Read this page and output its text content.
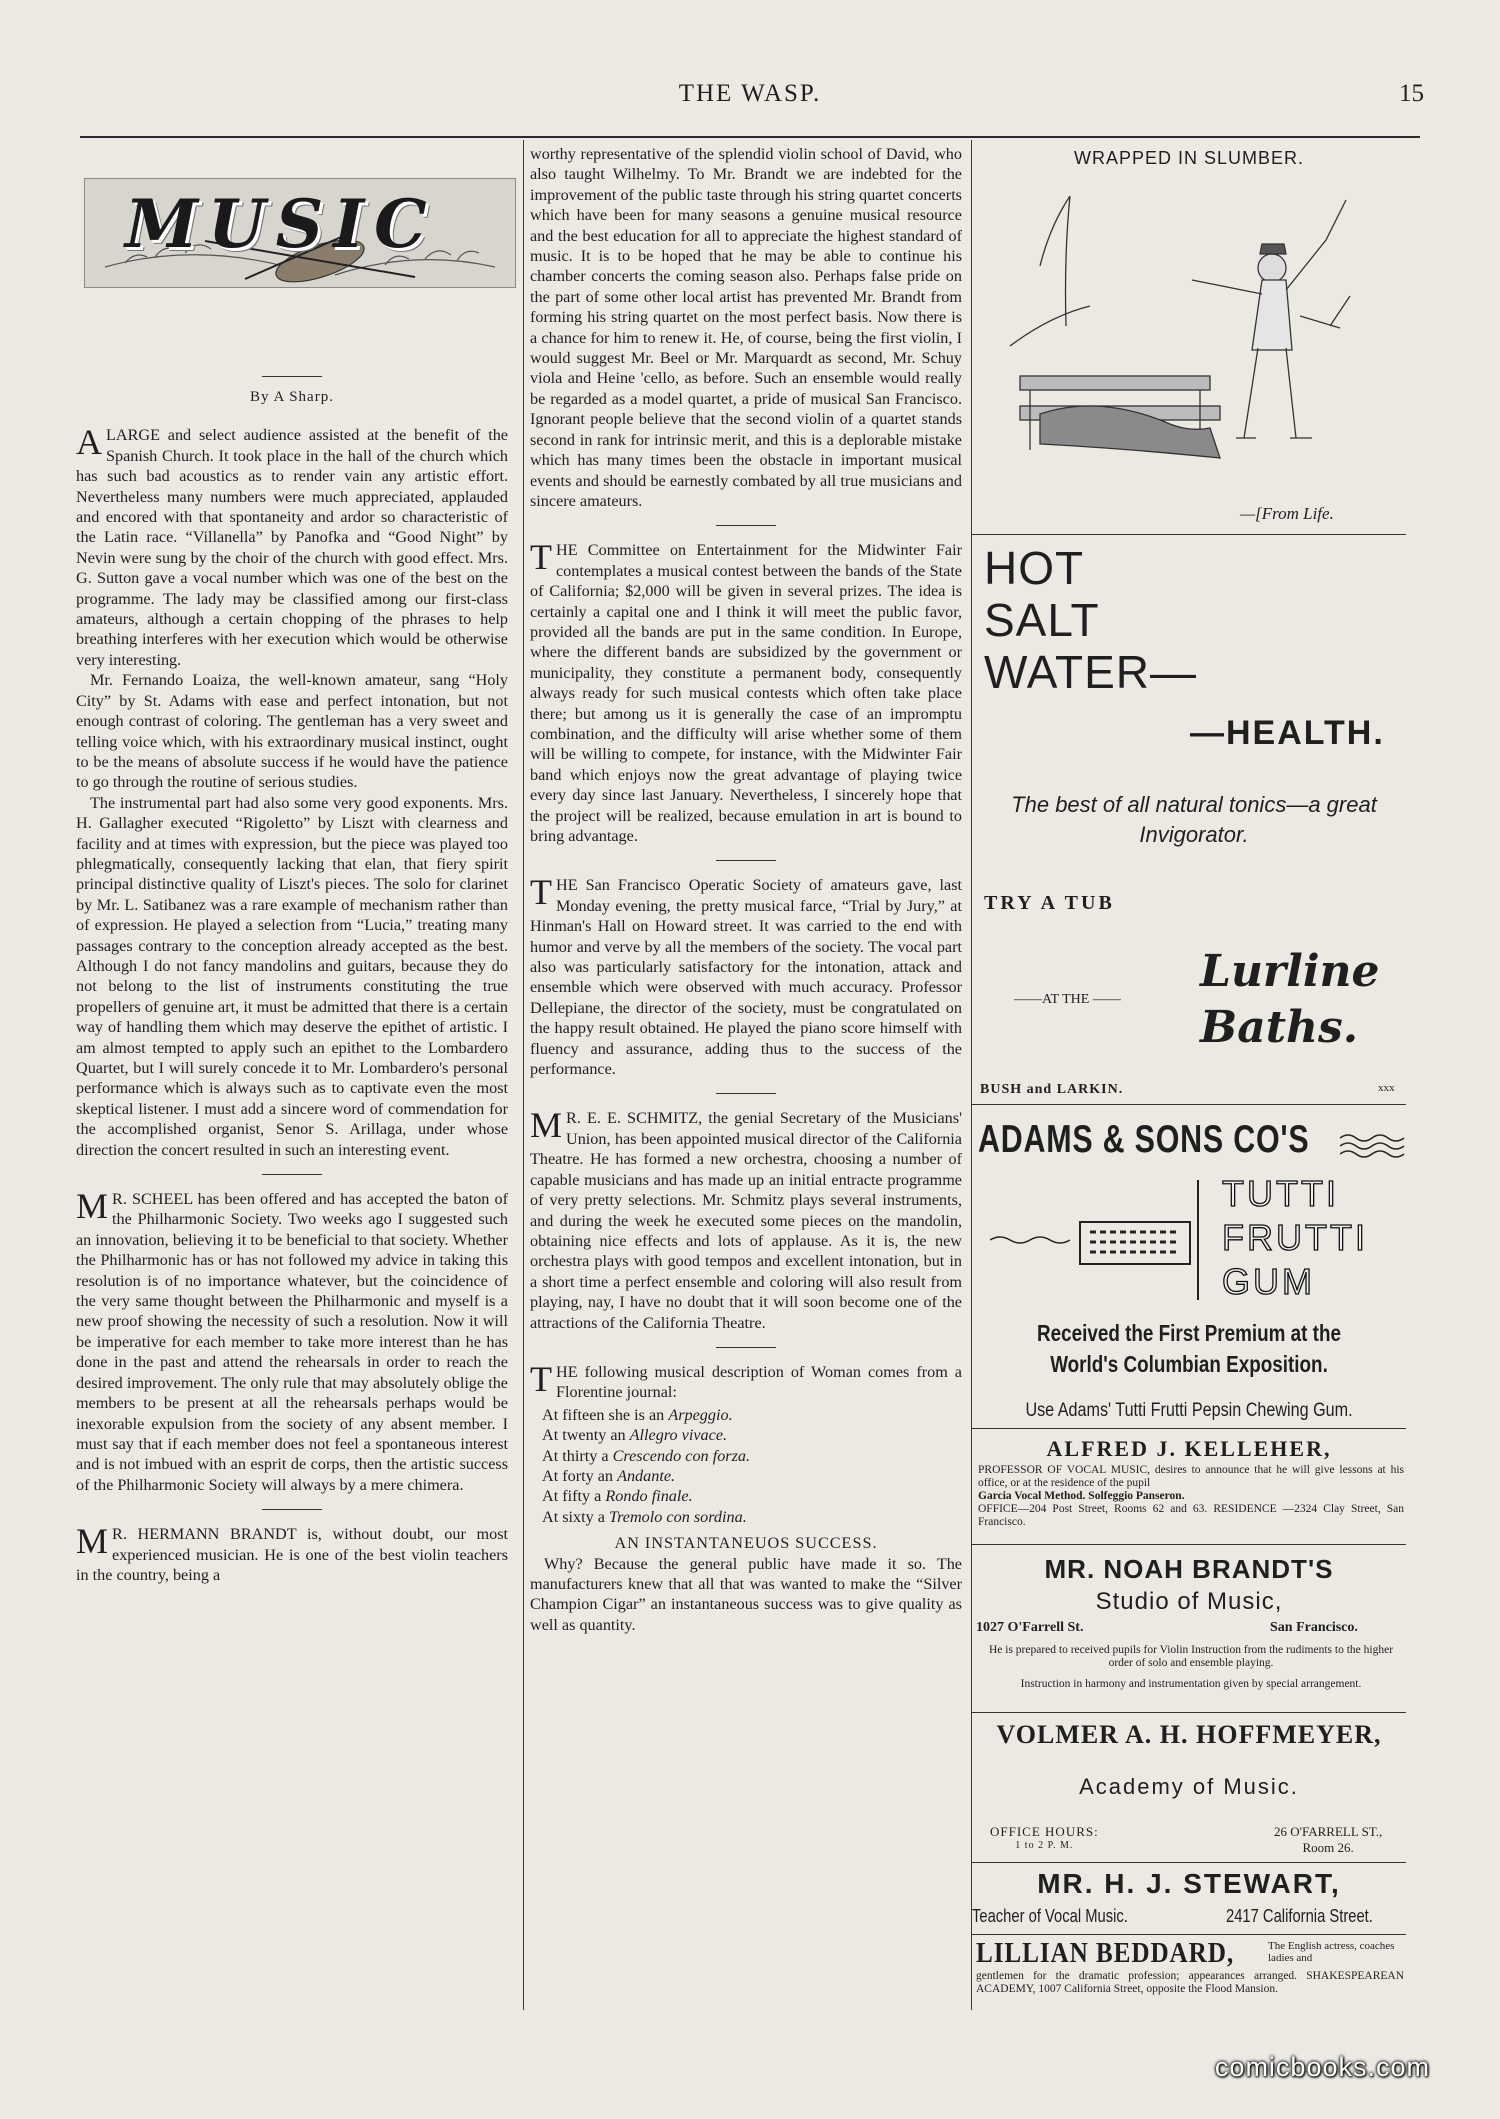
THE WASP.	15
MUSIC
By A Sharp.

ALARGE and select audience assisted at the benefit of the Spanish Church. It took place in the hall of the church which has such bad acoustics as to render vain any artistic effort. Nevertheless many numbers were much appreciated, applauded and encored with that spontaneity and ardor so characteristic of the Latin race. “Villanella” by Panofka and “Good Night” by Nevin were sung by the choir of the church with good effect. Mrs. G. Sutton gave a vocal number which was one of the best on the programme. The lady may be classified among our first-class amateurs, although a certain chopping of the phrases to help breathing interferes with her execution which would be otherwise very interesting.

Mr. Fernando Loaiza, the well-known amateur, sang “Holy City” by St. Adams with ease and perfect intonation, but not enough contrast of coloring. The gentleman has a very sweet and telling voice which, with his extraordinary musical instinct, ought to be the means of absolute success if he would have the patience to go through the routine of serious studies.

The instrumental part had also some very good exponents. Mrs. H. Gallagher executed “Rigoletto” by Liszt with clearness and facility and at times with expression, but the piece was played too phlegmatically, consequently lacking that elan, that fiery spirit principal distinctive quality of Liszt's pieces. The solo for clarinet by Mr. L. Satibanez was a rare example of mechanism rather than of expression. He played a selection from “Lucia,” treating many passages contrary to the conception already accepted as the best. Although I do not fancy mandolins and guitars, because they do not belong to the list of instruments constituting the true propellers of genuine art, it must be admitted that there is a certain way of handling them which may deserve the epithet of artistic. I am almost tempted to apply such an epithet to the Lombardero Quartet, but I will surely concede it to Mr. Lombardero's personal performance which is always such as to captivate even the most skeptical listener. I must add a sincere word of commendation for the accomplished organist, Senor S. Arillaga, under whose direction the concert resulted in such an interesting event.

M R. SCHEEL has been offered and has accepted the baton of the Philharmonic Society. Two weeks ago I suggested such an innovation, believing it to be beneficial to that society. Whether the Philharmonic has or has not followed my advice in taking this resolution is of no importance whatever, but the coincidence of the very same thought between the Philharmonic and myself is a new proof showing the necessity of such a resolution. Now it will be imperative for each member to take more interest than he has done in the past and attend the rehearsals in order to reach the desired improvement. The only rule that may absolutely oblige the members to be present at all the rehearsals perhaps would be inexorable expulsion from the society of any absent member. I must say that if each member does not feel a spontaneous interest and is not imbued with an esprit de corps, then the artistic success of the Philharmonic Society will always by a mere chimera.

M R. HERMANN BRANDT is, without doubt, our most experienced musician. He is one of the best violin teachers in the country, being a

worthy representative of the splendid violin school of David, who also taught Wilhelmy. To Mr. Brandt we are indebted for the improvement of the public taste through his string quartet concerts which have been for many seasons a genuine musical resource and the best education for all to appreciate the highest standard of music. It is to be hoped that he may be able to continue his chamber concerts the coming season also. Perhaps false pride on the part of some other local artist has prevented Mr. Brandt from forming his string quartet on the most perfect basis. Now there is a chance for him to renew it. He, of course, being the first violin, I would suggest Mr. Beel or Mr. Marquardt as second, Mr. Schuy viola and Heine 'cello, as before. Such an ensemble would really be regarded as a model quartet, a pride of musical San Francisco. Ignorant people believe that the second violin of a quartet stands second in rank for intrinsic merit, and this is a deplorable mistake which has many times been the obstacle in important musical events and should be earnestly combated by all true musicians and sincere amateurs.

THE Committee on Entertainment for the Midwinter Fair contemplates a musical contest between the bands of the State of California; $2,000 will be given in several prizes. The idea is certainly a capital one and I think it will meet the public favor, provided all the bands are put in the same condition. In Europe, where the different bands are subsidized by the government or municipality, they constitute a permanent body, consequently always ready for such musical contests which often take place there; but among us it is generally the case of an impromptu combination, and the difficulty will arise whether some of them will be willing to compete, for instance, with the Midwinter Fair band which enjoys now the great advantage of playing twice every day since last January. Nevertheless, I sincerely hope that the project will be realized, because emulation in art is bound to bring advantage.

THE San Francisco Operatic Society of amateurs gave, last Monday evening, the pretty musical farce, “Trial by Jury,” at Hinman's Hall on Howard street. It was carried to the end with humor and verve by all the members of the society. The vocal part also was particularly satisfactory for the intonation, attack and ensemble which were observed with much accuracy. Professor Dellepiane, the director of the society, must be congratulated on the happy result obtained. He played the piano score himself with fluency and assurance, adding thus to the success of the performance.

M R. E. E. SCHMITZ, the genial Secretary of the Musicians' Union, has been appointed musical director of the California Theatre. He has formed a new orchestra, choosing a number of capable musicians and has made up an initial entracte programme of very pretty selections. Mr. Schmitz plays several instruments, and during the week he executed some pieces on the mandolin, obtaining nice effects and lots of applause. As it is, the new orchestra plays with good tempos and excellent intonation, but in a short time a perfect ensemble and coloring will also result from playing, nay, I have no doubt that it will soon become one of the attractions of the California Theatre.

THE following musical description of Woman comes from a Florentine journal:

At fifteen she is an Arpeggio.
At twenty an Allegro vivace.
At thirty a Crescendo con forza.
At forty an Andante.
At fifty a Rondo finale.
At sixty a Tremolo con sordina.
AN INSTANTANEUOS SUCCESS.

Why? Because the general public have made it so. The manufacturers knew that all that was wanted to make the “Silver Champion Cigar” an instantaneous success was to give quality as well as quantity.

WRAPPED IN SLUMBER.
—[From Life.
HOT
SALT
WATER—
—HEALTH.
The best of all natural tonics—a great Invigorator.
TRY A TUB
——AT THE ——
Lurline
Baths.
BUSH and LARKIN.	xxx
ADAMS & SONS CO'S
TUTTI
FRUTTI
GUM
Received the First Premium at the
World's Columbian Exposition.
Use Adams' Tutti Frutti Pepsin Chewing Gum.
ALFRED J. KELLEHER,
PROFESSOR OF VOCAL MUSIC, desires to announce that he will give lessons at his office, or at the residence of the pupil
Garcia Vocal Method. Solfeggio Panseron.
OFFICE—204 Post Street, Rooms 62 and 63. RESIDENCE —2324 Clay Street, San Francisco.
MR. NOAH BRANDT'S
Studio of Music,
1027 O'Farrell St.	San Francisco.
He is prepared to received pupils for Violin Instruction from the rudiments to the higher order of solo and ensemble playing.
Instruction in harmony and instrumentation given by special arrangement.
VOLMER A. H. HOFFMEYER,
Academy of Music.
OFFICE HOURS:
1 to 2 P. M.
26 O'FARRELL ST.,
Room 26.
MR. H. J. STEWART,
Teacher of Vocal Music.	2417 California Street.
LILLIAN BEDDARD,	The English actress, coaches ladies and
gentlemen for the dramatic profession; appearances arranged. SHAKESPEAREAN ACADEMY, 1007 California Street, opposite the Flood Mansion.
comicbooks.com
